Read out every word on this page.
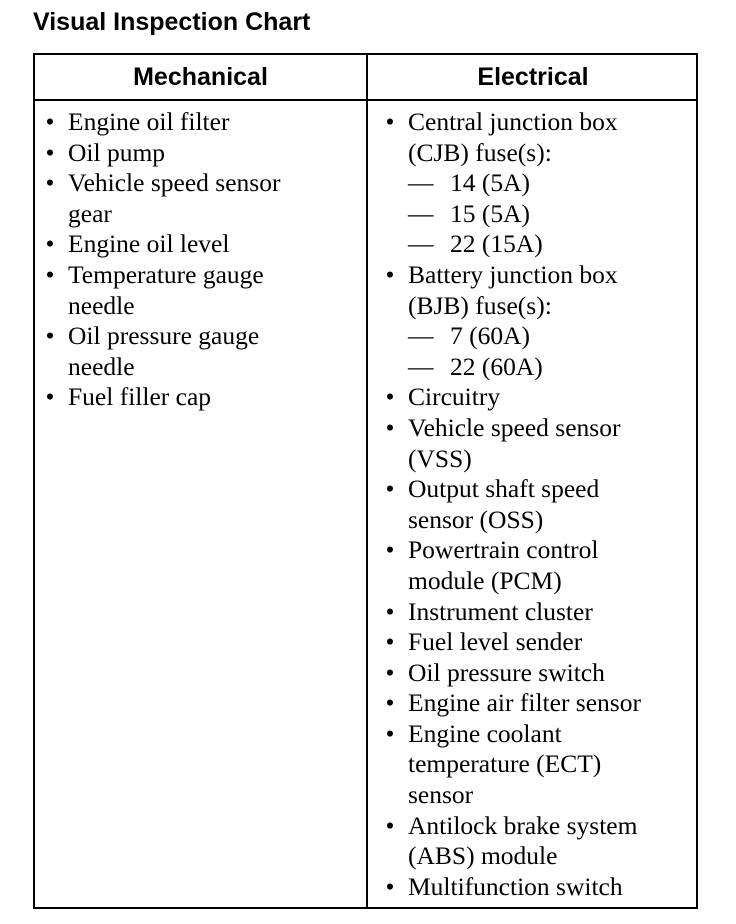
Visual Inspection Chart
Mechanical	Electrical
• Engine oil filter
• Oil pump
• Vehicle speed sensor
gear
• Engine oil level
• Temperature gauge
needle
• Oil pressure gauge
needle
• Fuel filler cap
• Central junction box
(CJB) fuse(s):
— 14 (5A)
— 15 (5A)
— 22 (15A)
• Battery junction box
(BJB) fuse(s):
— 7 (60A)
— 22 (60A)
• Circuitry
• Vehicle speed sensor
(VSS)
• Output shaft speed
sensor (OSS)
• Powertrain control
module (PCM)
• Instrument cluster
• Fuel level sender
• Oil pressure switch
• Engine air filter sensor
• Engine coolant
temperature (ECT)
sensor
• Antilock brake system
(ABS) module
• Multifunction switch
